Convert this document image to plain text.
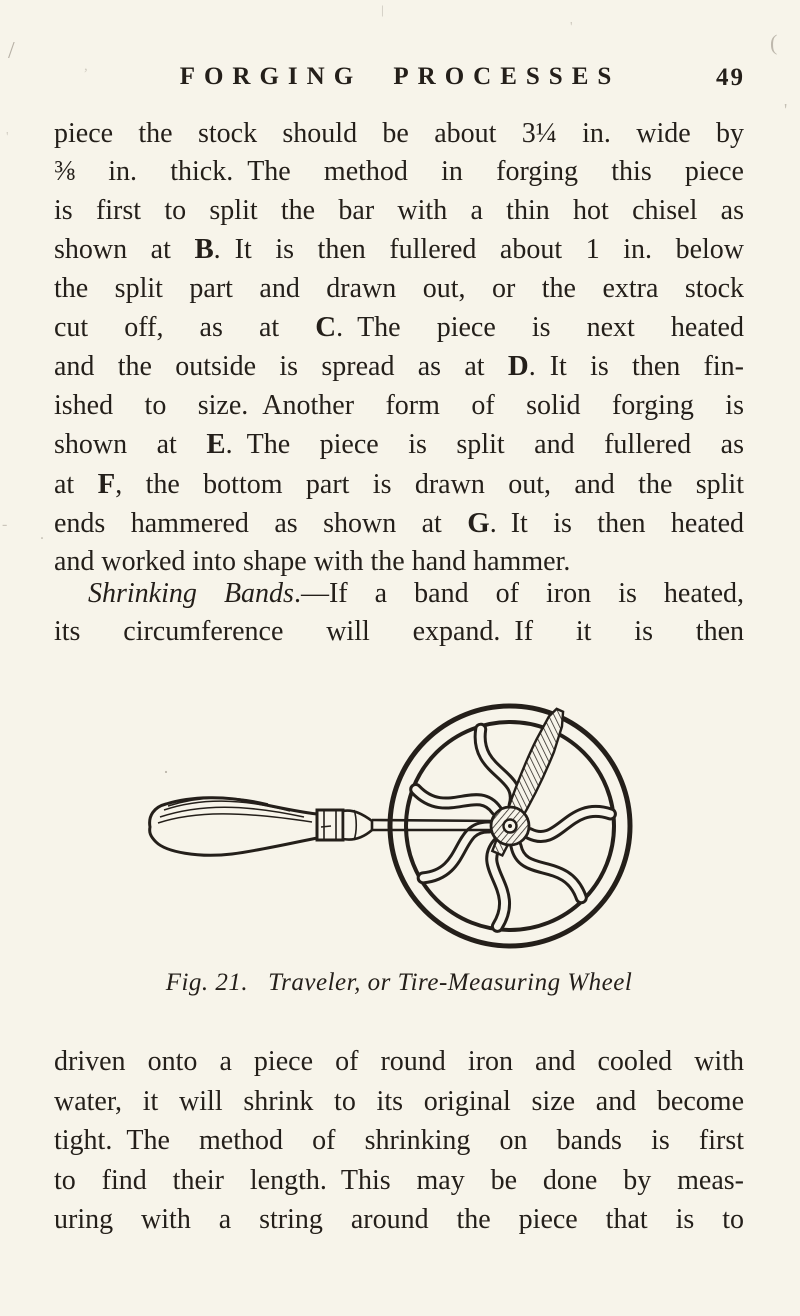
FORGING PROCESSES	49
piece the stock should be about 3¼ in. wide by
⅜ in. thick. The method in forging this piece
is first to split the bar with a thin hot chisel as
shown at B. It is then fullered about 1 in. below
the split part and drawn out, or the extra stock
cut off, as at C. The piece is next heated
and the outside is spread as at D. It is then fin-
ished to size. Another form of solid forging is
shown at E. The piece is split and fullered as
at F, the bottom part is drawn out, and the split
ends hammered as shown at G. It is then heated
and worked into shape with the hand hammer.
Shrinking Bands.—If a band of iron is heated,
its circumference will expand. If it is then
Fig. 21. Traveler, or Tire-Measuring Wheel
driven onto a piece of round iron and cooled with
water, it will shrink to its original size and become
tight. The method of shrinking on bands is first
to find their length. This may be done by meas-
uring with a string around the piece that is to
/	(
|
'
'
,
·
-
.
'
